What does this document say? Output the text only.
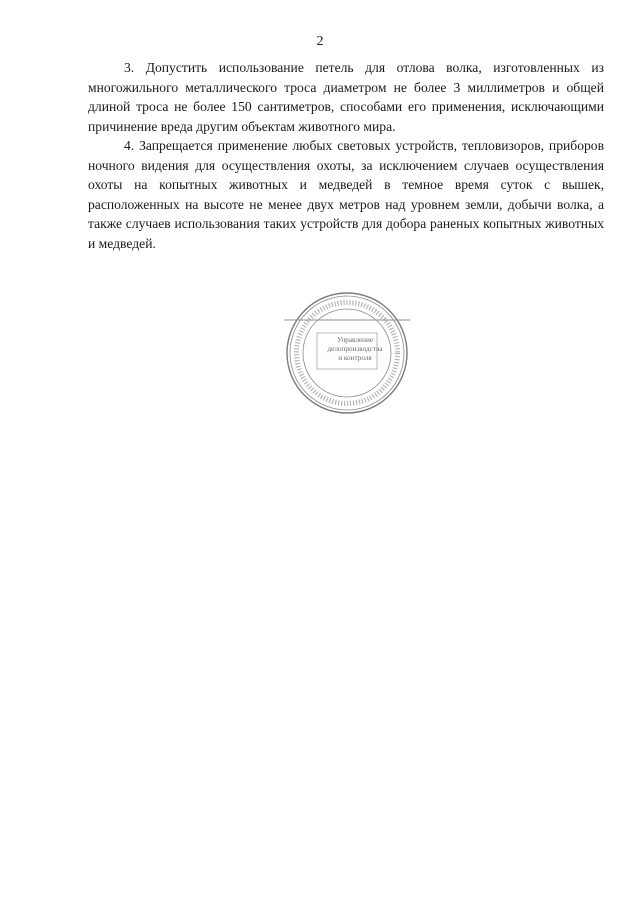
2

3. Допустить использование петель для отлова волка, изготовленных из многожильного металлического троса диаметром не более 3 миллиметров и общей длиной троса не более 150 сантиметров, способами его применения, исключающими причинение вреда другим объектам животного мира.

4. Запрещается применение любых световых устройств, тепловизоров, приборов ночного видения для осуществления охоты, за исключением случаев осуществления охоты на копытных животных и медведей в темное время суток с вышек, расположенных на высоте не менее двух метров над уровнем земли, добычи волка, а также случаев использования таких устройств для добора раненых копытных животных и медведей.

Управление
делопроизводства
и контроля
